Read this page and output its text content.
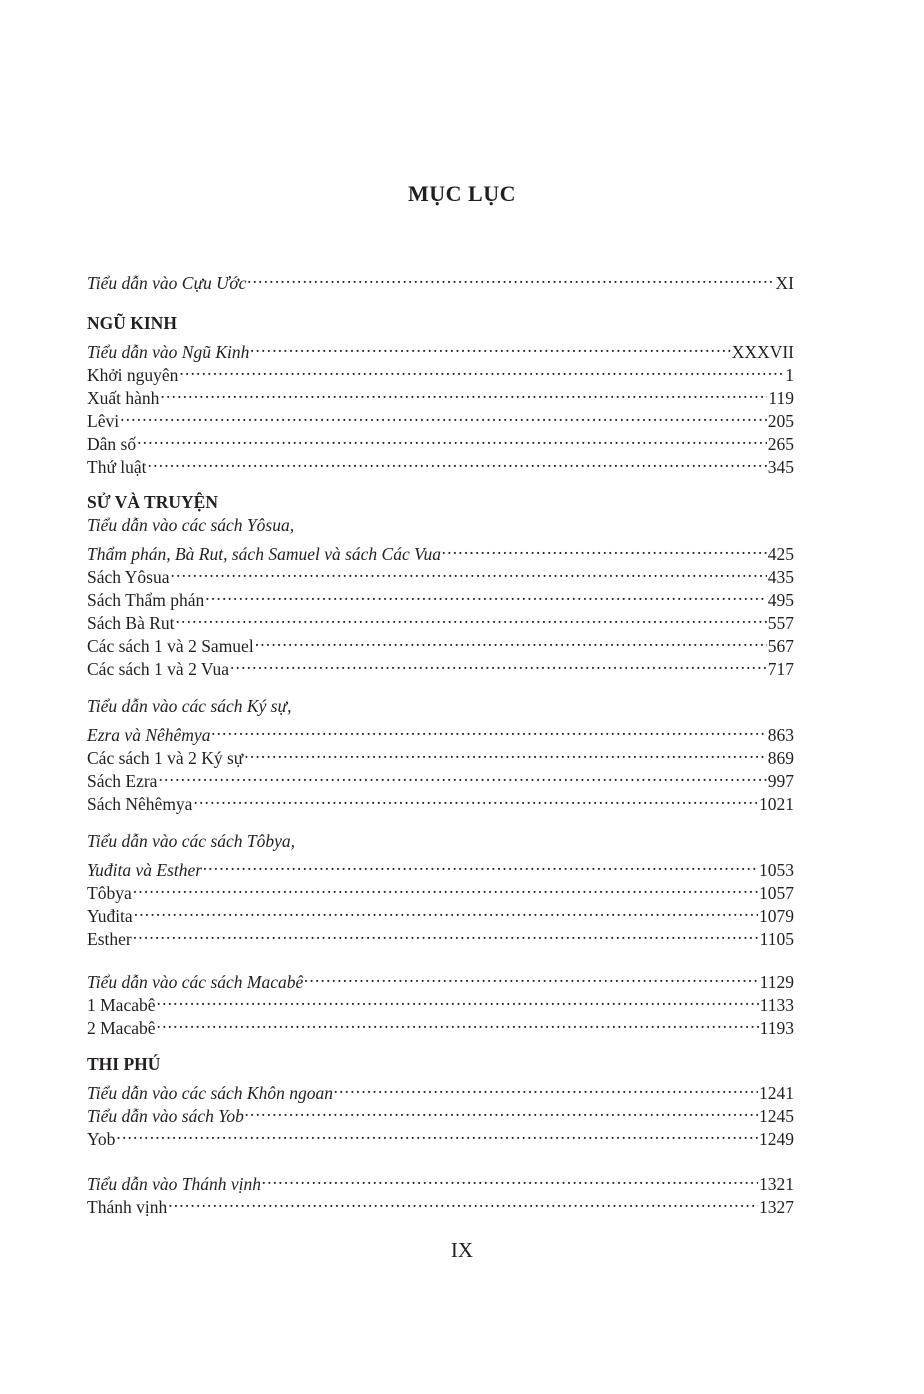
MỤC LỤC
Tiểu dẫn vào Cựu Ước . . .	XI
NGŨ KINH
Tiểu dẫn vào Ngũ Kinh . . .	XXXVII
Khởi nguyên . . .	1
Xuất hành . . .	119
Lêvi . . .	205
Dân số . . .	265
Thứ luật . . .	345
SỬ VÀ TRUYỆN
Tiểu dẫn vào các sách Yôsua,
Thẩm phán, Bà Rut, sách Samuel và sách Các Vua . . .	425
Sách Yôsua . . .	435
Sách Thẩm phán . . .	495
Sách Bà Rut . . .	557
Các sách 1 và 2 Samuel . . .	567
Các sách 1 và 2 Vua . . .	717
Tiểu dẫn vào các sách Ký sự,
Ezra và Nêhêmya . . .	863
Các sách 1 và 2 Ký sự . . .	869
Sách Ezra . . .	997
Sách Nêhêmya . . .	1021
Tiểu dẫn vào các sách Tôbya,
Yuđita và Esther . . .	1053
Tôbya . . .	1057
Yuđita . . .	1079
Esther . . .	1105
Tiểu dẫn vào các sách Macabê . . .	1129
1 Macabê . . .	1133
2 Macabê . . .	1193
THI PHÚ
Tiểu dẫn vào các sách Khôn ngoan . . .	1241
Tiểu dẫn vào sách Yob . . .	1245
Yob . . .	1249
Tiểu dẫn vào Thánh vịnh . . .	1321
Thánh vịnh . . .	1327
IX
